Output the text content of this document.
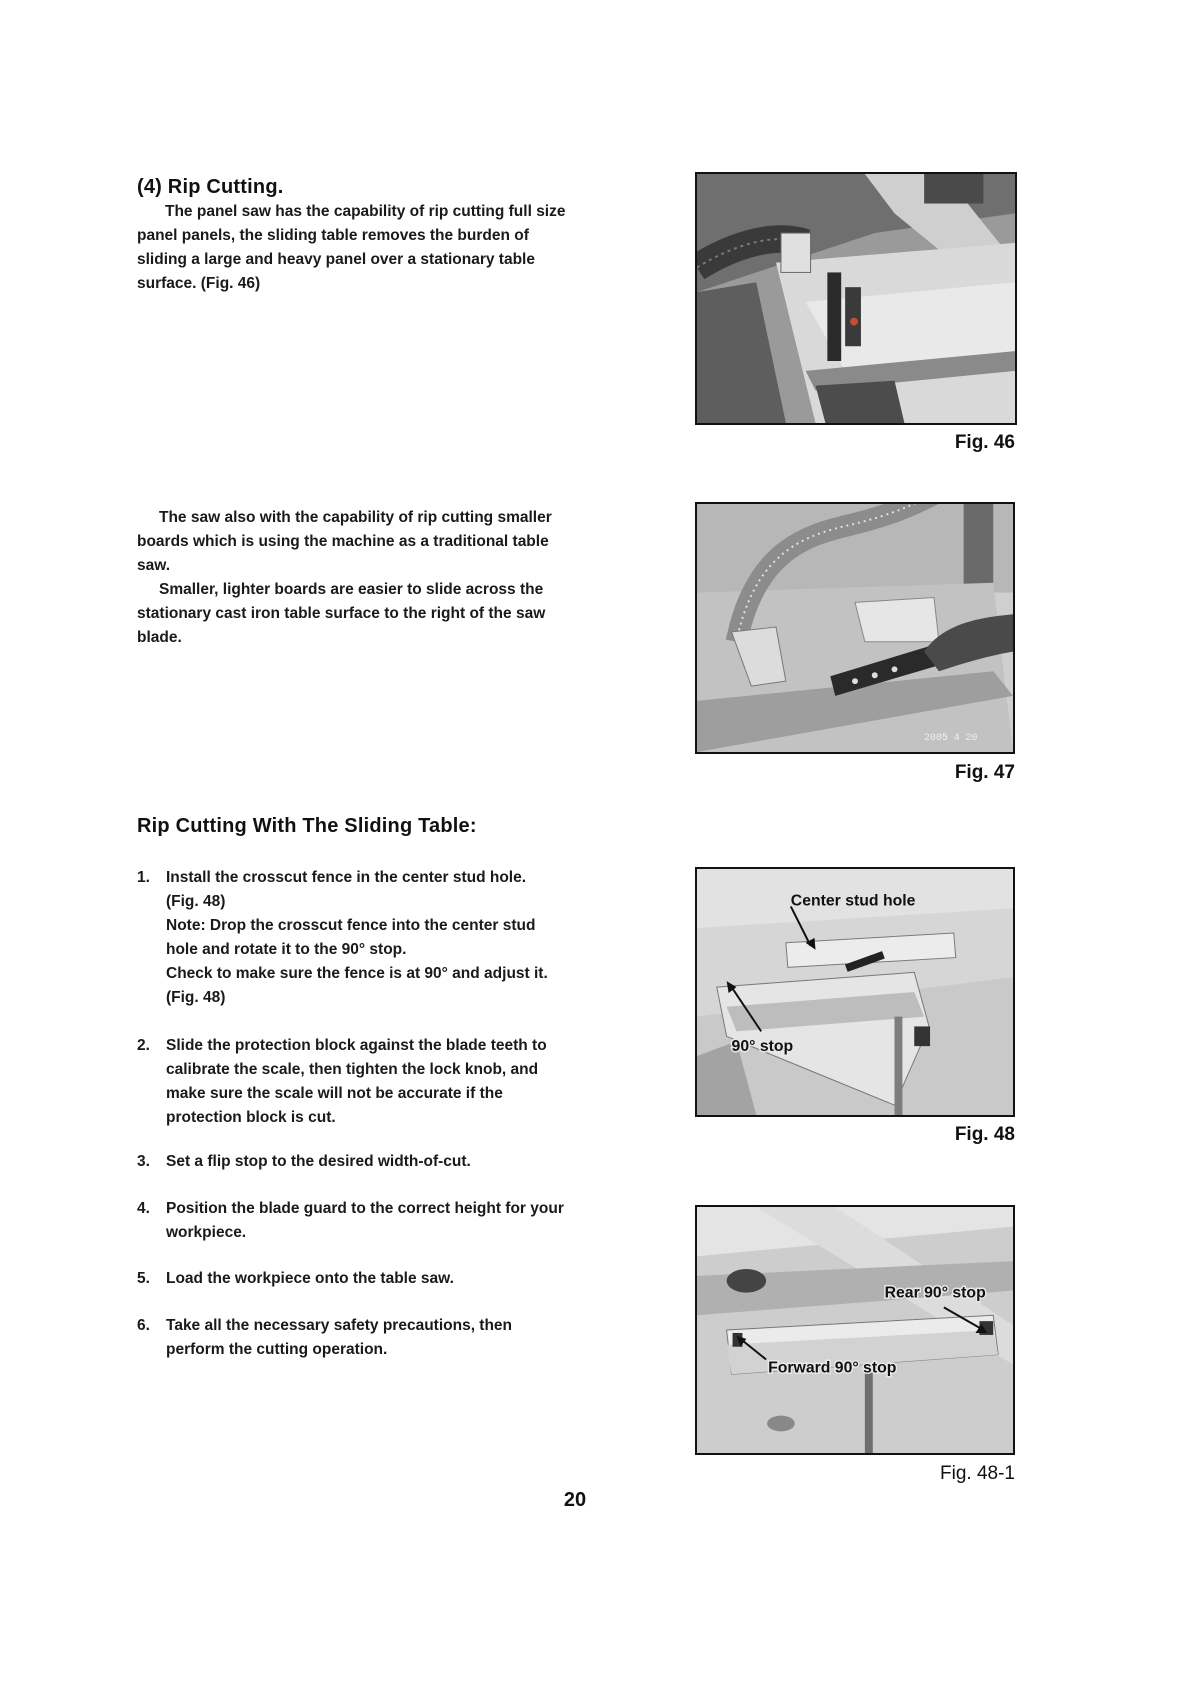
(4) Rip Cutting.

The panel saw has the capability of rip cutting full size

panel panels, the sliding table removes the burden of

sliding a large and heavy panel over a stationary table

surface. (Fig. 46)

The saw also with the capability of rip cutting smaller

boards which is using the machine as a traditional table

saw.

Smaller, lighter boards are easier to slide across the

stationary cast iron table surface to the right of the saw

blade.

Rip Cutting With The Sliding Table:
1. Install the crosscut fence in the center stud hole.

(Fig. 48)

Note: Drop the crosscut fence into the center stud

hole and rotate it to the 90° stop.

Check to make sure the fence is at 90° and adjust it.

(Fig. 48)

2. Slide the protection block against the blade teeth to

calibrate the scale, then tighten the lock knob, and

make sure the scale will not be accurate if the

protection block is cut.

3. Set a flip stop to the desired width-of-cut.

4. Position the blade guard to the correct height for your

workpiece.

5. Load the workpiece onto the table saw.

6. Take all the necessary safety precautions, then

perform the cutting operation.

Fig. 46
2005 4 20
Fig. 47
Center stud hole
90° stop
Fig. 48
Rear 90° stop
Forward 90° stop
Fig. 48-1
20
